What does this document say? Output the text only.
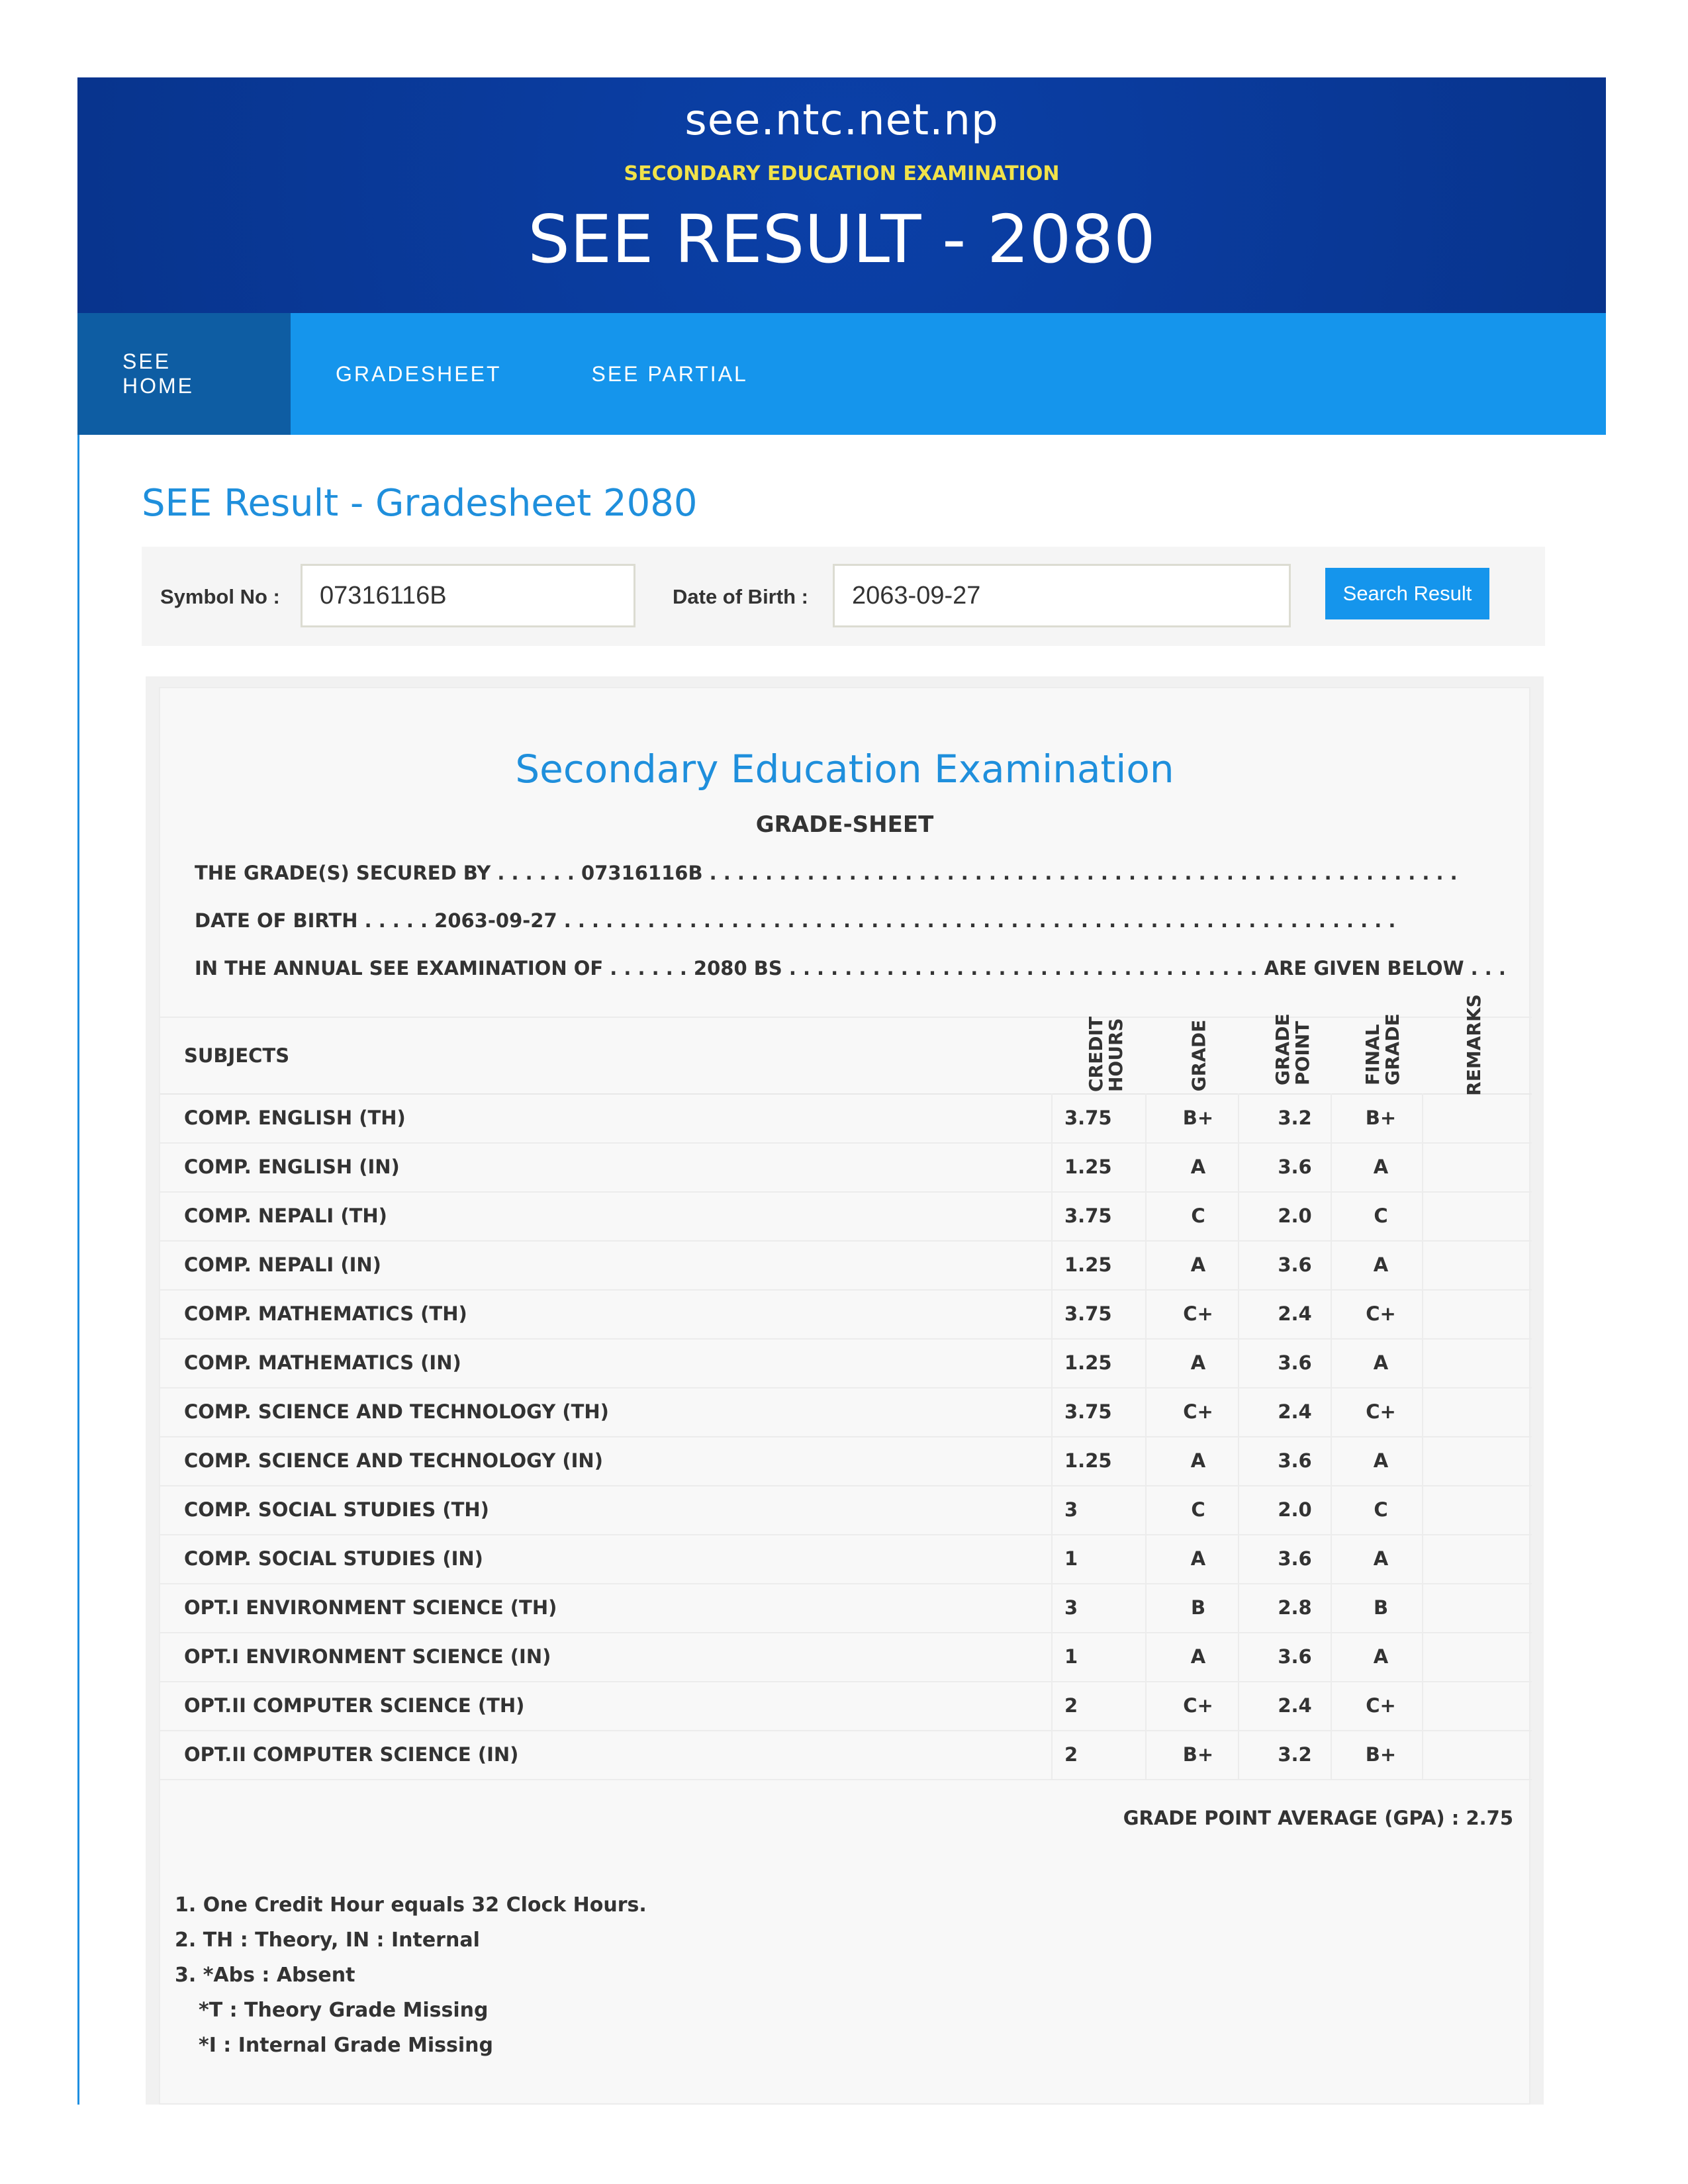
see.ntc.net.np
SECONDARY EDUCATION EXAMINATION
SEE RESULT - 2080
SEE HOME
GRADESHEET	SEE PARTIAL
SEE Result - Gradesheet 2080
Symbol No :	07316116B	Date of Birth :	2063-09-27	Search Result
Secondary Education Examination
GRADE-SHEET
THE GRADE(S) SECURED BY . . . . . . 07316116B . . . . . . . . . . . . . . . . . . . . . . . . . . . . . . . . . . . . . . . . . . . . . . . . . . . . . .
DATE OF BIRTH . . . . . 2063-09-27 . . . . . . . . . . . . . . . . . . . . . . . . . . . . . . . . . . . . . . . . . . . . . . . . . . . . . . . . . . . .
IN THE ANNUAL SEE EXAMINATION OF . . . . . . 2080 BS . . . . . . . . . . . . . . . . . . . . . . . . . . . . . . . . . . ARE GIVEN BELOW . . .
SUBJECTS	CREDIT HOURS	GRADE	GRADE POINT	FINAL GRADE	REMARKS
COMP. ENGLISH (TH)	3.75	B+	3.2	B+
COMP. ENGLISH (IN)	1.25	A	3.6	A
COMP. NEPALI (TH)	3.75	C	2.0	C
COMP. NEPALI (IN)	1.25	A	3.6	A
COMP. MATHEMATICS (TH)	3.75	C+	2.4	C+
COMP. MATHEMATICS (IN)	1.25	A	3.6	A
COMP. SCIENCE AND TECHNOLOGY (TH)	3.75	C+	2.4	C+
COMP. SCIENCE AND TECHNOLOGY (IN)	1.25	A	3.6	A
COMP. SOCIAL STUDIES (TH)	3	C	2.0	C
COMP. SOCIAL STUDIES (IN)	1	A	3.6	A
OPT.I ENVIRONMENT SCIENCE (TH)	3	B	2.8	B
OPT.I ENVIRONMENT SCIENCE (IN)	1	A	3.6	A
OPT.II COMPUTER SCIENCE (TH)	2	C+	2.4	C+
OPT.II COMPUTER SCIENCE (IN)	2	B+	3.2	B+
GRADE POINT AVERAGE (GPA) : 2.75
1. One Credit Hour equals 32 Clock Hours.
2. TH : Theory, IN : Internal
3. *Abs : Absent
*T : Theory Grade Missing
*I : Internal Grade Missing
